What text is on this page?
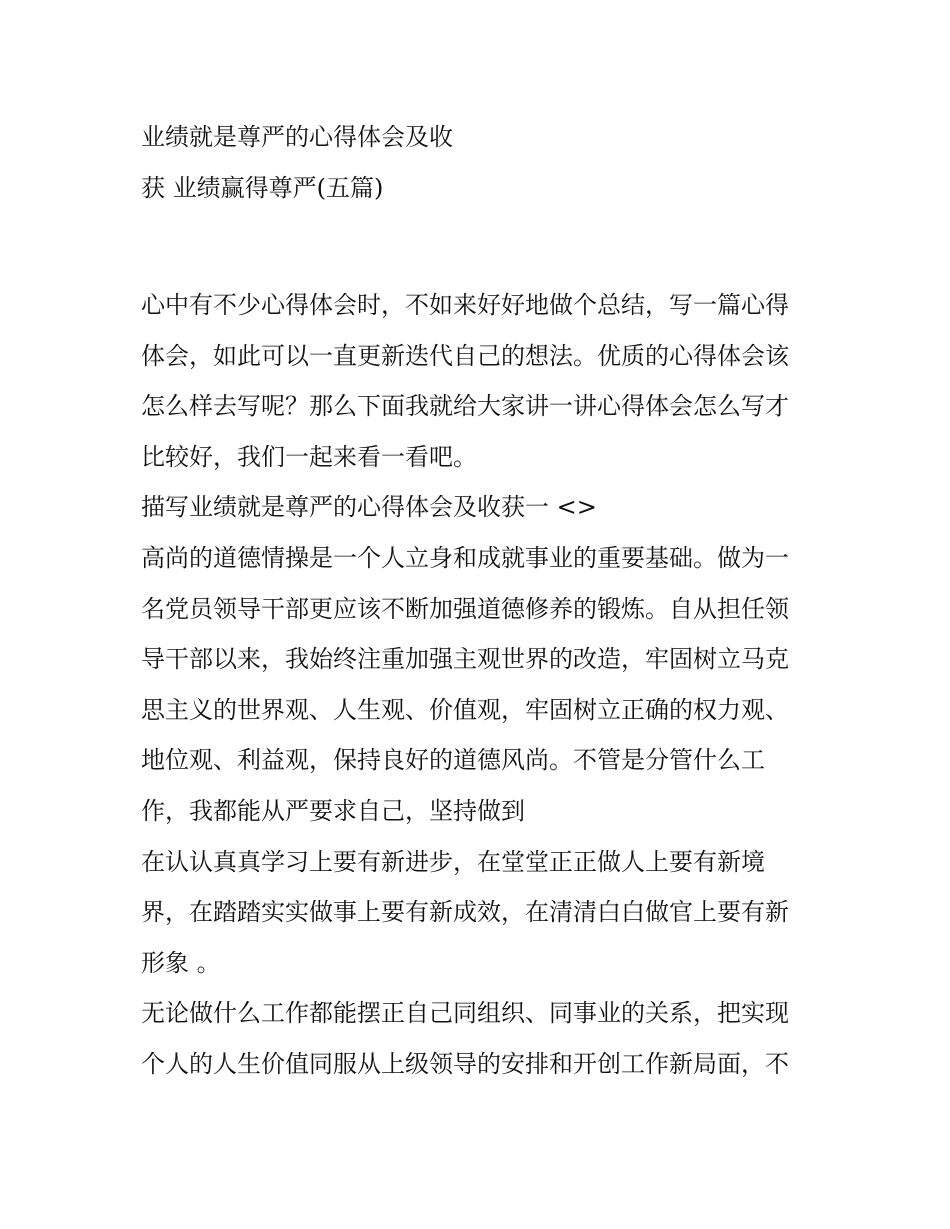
业绩就是尊严的心得体会及收
获 业绩赢得尊严(五篇)
心中有不少心得体会时，不如来好好地做个总结，写一篇心得
体会，如此可以一直更新迭代自己的想法。优质的心得体会该
怎么样去写呢？那么下面我就给大家讲一讲心得体会怎么写才
比较好，我们一起来看一看吧。
描写业绩就是尊严的心得体会及收获一 <>
高尚的道德情操是一个人立身和成就事业的重要基础。做为一
名党员领导干部更应该不断加强道德修养的锻炼。自从担任领
导干部以来，我始终注重加强主观世界的改造，牢固树立马克
思主义的世界观、人生观、价值观，牢固树立正确的权力观、
地位观、利益观，保持良好的道德风尚。不管是分管什么工
作，我都能从严要求自己，坚持做到
在认认真真学习上要有新进步，在堂堂正正做人上要有新境
界，在踏踏实实做事上要有新成效，在清清白白做官上要有新
形象 。
无论做什么工作都能摆正自己同组织、同事业的关系，把实现
个人的人生价值同服从上级领导的安排和开创工作新局面，不
